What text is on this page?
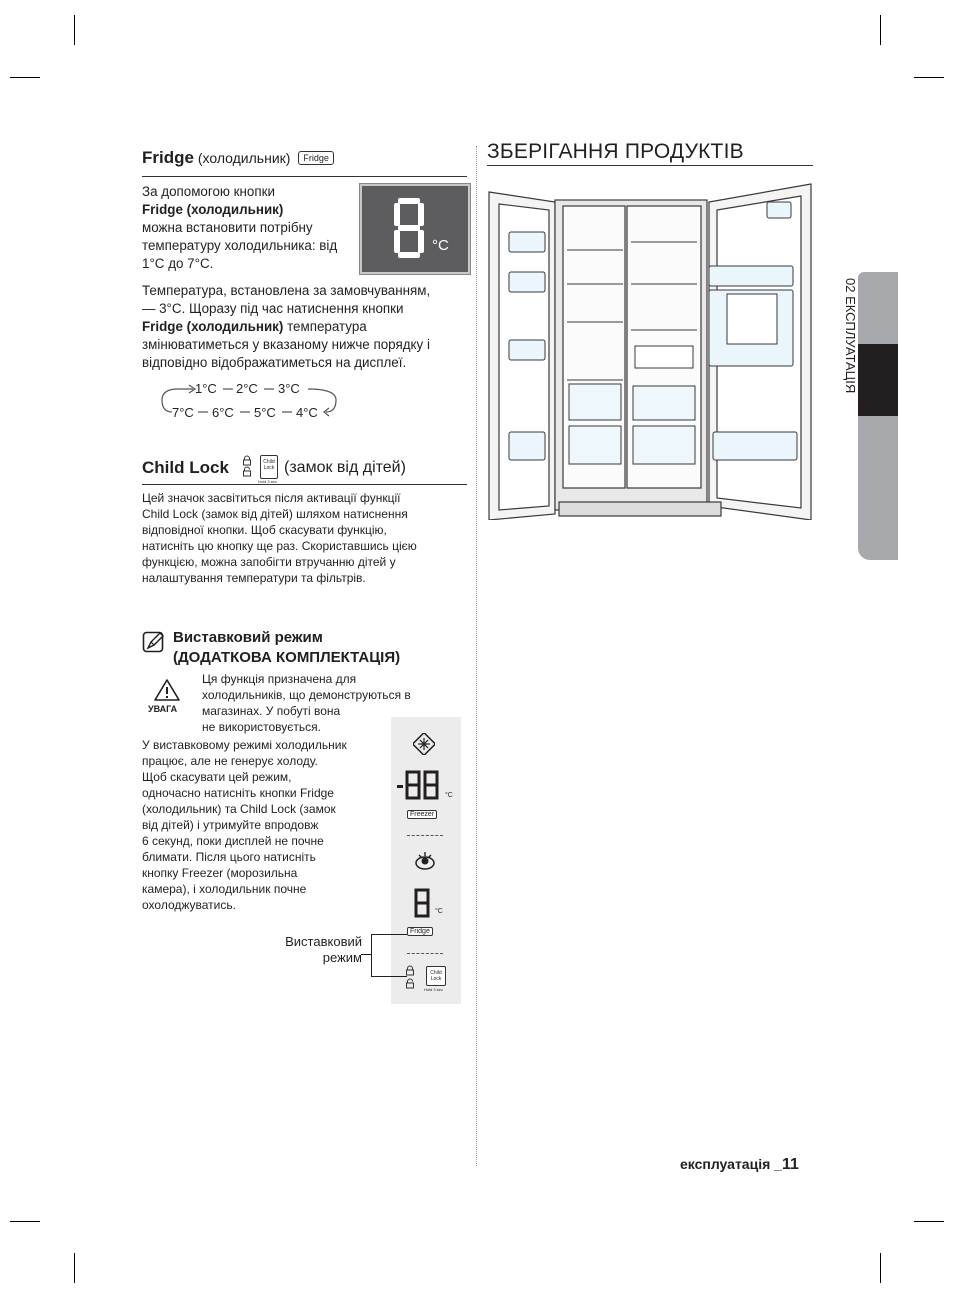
Fridge (холодильник) Fridge
За допомогою кнопки
Fridge (холодильник)
можна встановити потрібну
температуру холодильника: від
1°C до 7°C.
°C
Температура, встановлена за замовчуванням,
— 3°C. Щоразу під час натиснення кнопки
Fridge (холодильник) температура
змінюватиметься у вказаному нижче порядку і
відповідно відображатиметься на дисплеї.
1°C 2°C 3°C
7°C 6°C 5°C 4°C
Child Lock	Child
Lock
Hold 3 sec
(замок від дітей)
Цей значок засвітиться після активації функції
Child Lock (замок від дітей) шляхом натиснення
відповідної кнопки. Щоб скасувати функцію,
натисніть цю кнопку ще раз. Скориставшись цією
функцією, можна запобігти втручанню дітей у
налаштування температури та фільтрів.
Виставковий режим
(ДОДАТКОВА КОМПЛЕКТАЦІЯ)
УВАГА
Ця функція призначена для
холодильників, що демонструються в
магазинах. У побуті вона
не використовується.
У виставковому режимі холодильник
працює, але не генерує холоду.
Щоб скасувати цей режим,
одночасно натисніть кнопки Fridge
(холодильник) та Child Lock (замок
від дітей) і утримуйте впродовж
6 секунд, поки дисплей не почне
блимати. Після цього натисніть
кнопку Freezer (морозильна
камера), і холодильник почне
охолоджуватись.
Виставковий
режим
°C
Freezer
°C
Fridge
Child
Lock
Hold 3 sec
ЗБЕРІГАННЯ ПРОДУКТІВ
02 ЕКСПЛУАТАЦІЯ
експлуатація _11
